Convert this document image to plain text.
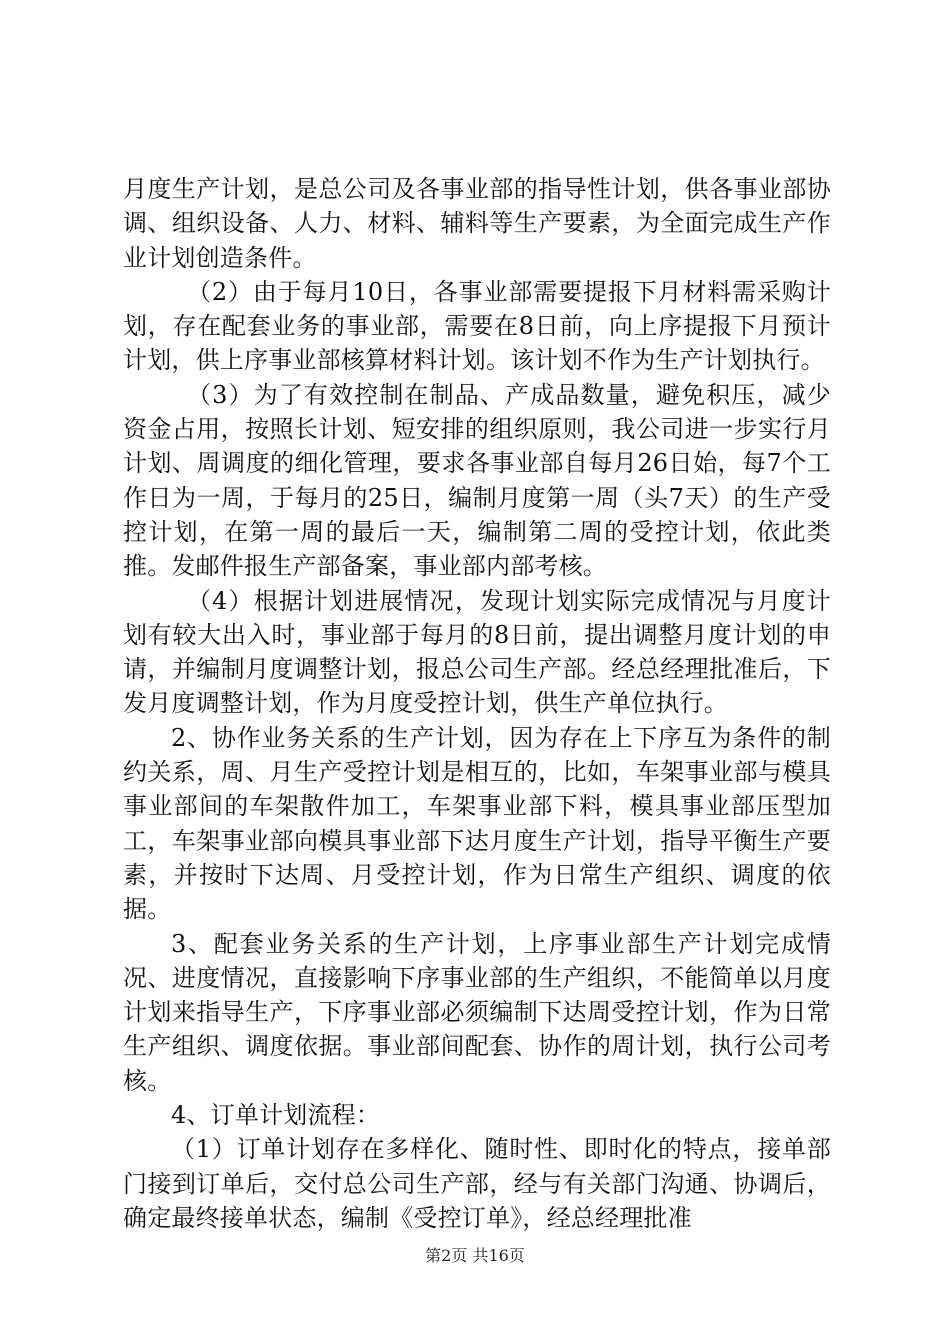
月度生产计划，是总公司及各事业部的指导性计划，供各事业部协调、组织设备、人力、材料、辅料等生产要素，为全面完成生产作业计划创造条件。

（2）由于每月10日，各事业部需要提报下月材料需采购计划，存在配套业务的事业部，需要在8日前，向上序提报下月预计计划，供上序事业部核算材料计划。该计划不作为生产计划执行。

（3）为了有效控制在制品、产成品数量，避免积压，减少资金占用，按照长计划、短安排的组织原则，我公司进一步实行月计划、周调度的细化管理，要求各事业部自每月26日始，每7个工作日为一周，于每月的25日，编制月度第一周（头7天）的生产受控计划，在第一周的最后一天，编制第二周的受控计划，依此类推。发邮件报生产部备案，事业部内部考核。

（4）根据计划进展情况，发现计划实际完成情况与月度计划有较大出入时，事业部于每月的8日前，提出调整月度计划的申请，并编制月度调整计划，报总公司生产部。经总经理批准后，下发月度调整计划，作为月度受控计划，供生产单位执行。

2、协作业务关系的生产计划，因为存在上下序互为条件的制约关系，周、月生产受控计划是相互的，比如，车架事业部与模具事业部间的车架散件加工，车架事业部下料，模具事业部压型加工，车架事业部向模具事业部下达月度生产计划，指导平衡生产要素，并按时下达周、月受控计划，作为日常生产组织、调度的依据。

3、配套业务关系的生产计划，上序事业部生产计划完成情况、进度情况，直接影响下序事业部的生产组织，不能简单以月度计划来指导生产，下序事业部必须编制下达周受控计划，作为日常生产组织、调度依据。事业部间配套、协作的周计划，执行公司考核。

4、订单计划流程：

（1）订单计划存在多样化、随时性、即时化的特点，接单部门接到订单后，交付总公司生产部，经与有关部门沟通、协调后，确定最终接单状态，编制《受控订单》，经总经理批准

第2页 共16页
